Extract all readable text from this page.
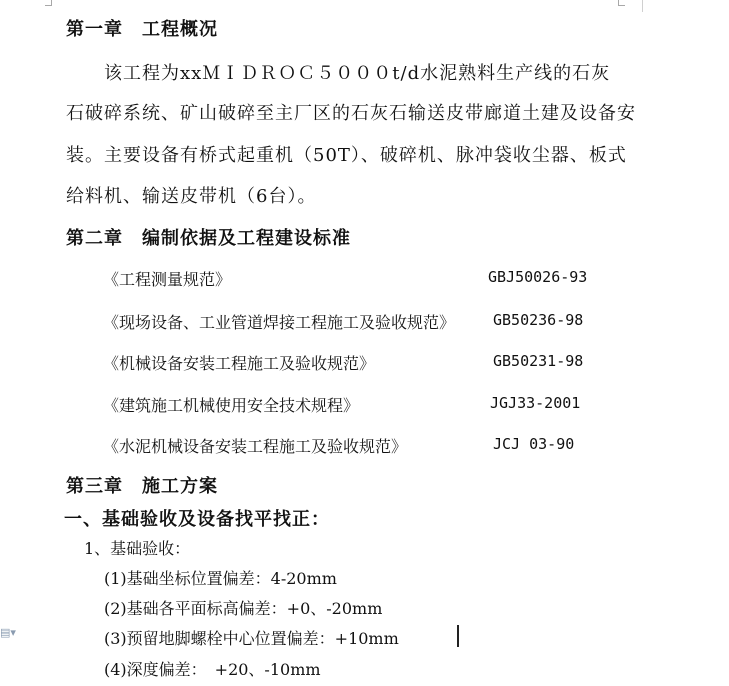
第一章　工程概况
　　该工程为xxＭＩＤＲＯＣ５０００t/d水泥熟料生产线的石灰
石破碎系统、矿山破碎至主厂区的石灰石输送皮带廊道土建及设备安
装。主要设备有桥式起重机（50T）、破碎机、脉冲袋收尘器、板式
给料机、输送皮带机（6台）。
第二章　编制依据及工程建设标准
《工程测量规范》	GBJ50026-93
《现场设备、工业管道焊接工程施工及验收规范》	GB50236-98
《机械设备安装工程施工及验收规范》	GB50231-98
《建筑施工机械使用安全技术规程》	JGJ33-2001
《水泥机械设备安装工程施工及验收规范》	JCJ 03-90
第三章　施工方案
一、基础验收及设备找平找正：
1、基础验收：
(1)基础坐标位置偏差：4-20mm
(2)基础各平面标高偏差：+0、-20mm
(3)预留地脚螺栓中心位置偏差：+10mm
(4)深度偏差：　+20、-10mm
▤▾
